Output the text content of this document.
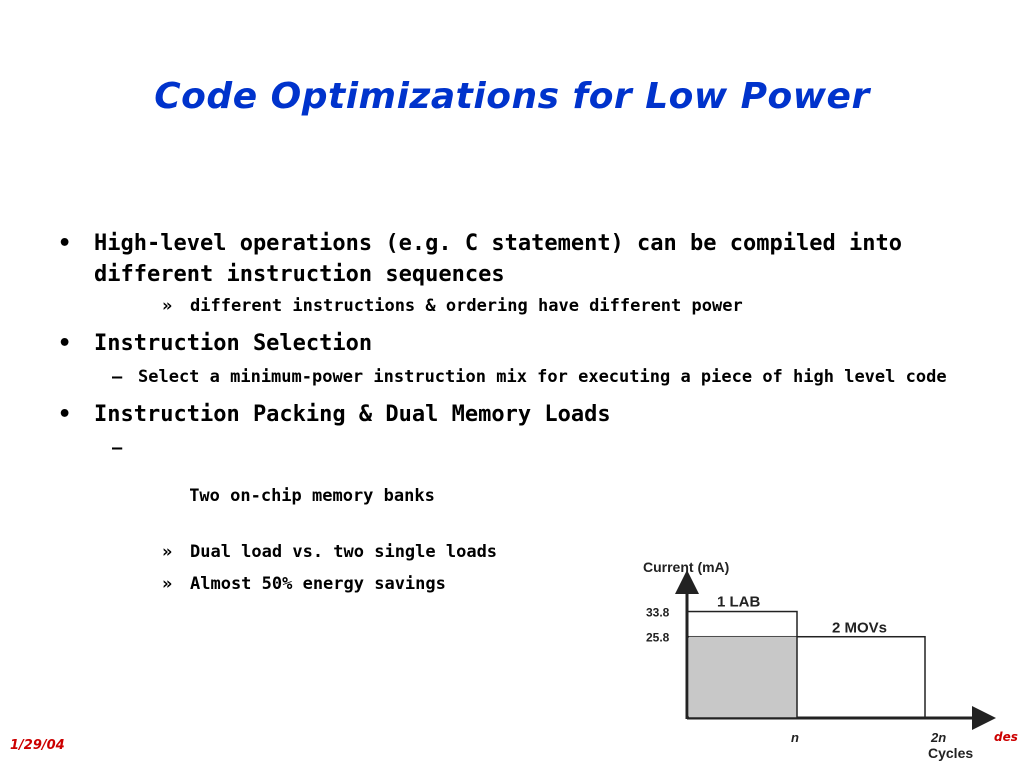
Code Optimizations for Low Power
• High-level operations (e.g. C statement) can be compiled into different instruction sequences
» different instructions & ordering have different power
• Instruction Selection
– Select a minimum-power instruction mix for executing a piece of high level code
• Instruction Packing & Dual Memory Loads

–

Two on-chip memory banks

» Dual load vs. two single loads
» Almost 50% energy savings
Current (mA)
1 LAB
2 MOVs
33.8
25.8
n	2n
Cycles
1/29/04
des
